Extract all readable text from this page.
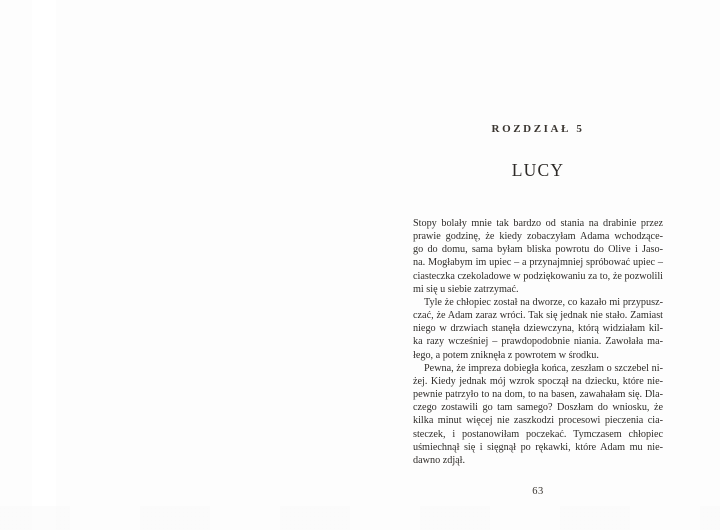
ROZDZIAŁ 5
LUCY
Stopy bolały mnie tak bardzo od stania na drabinie przez
prawie godzinę, że kiedy zobaczyłam Adama wchodzące-
go do domu, sama byłam bliska powrotu do Olive i Jaso-
na. Mogłabym im upiec – a przynajmniej spróbować upiec –
ciasteczka czekoladowe w podziękowaniu za to, że pozwolili
mi się u siebie zatrzymać.
Tyle że chłopiec został na dworze, co kazało mi przypusz-
czać, że Adam zaraz wróci. Tak się jednak nie stało. Zamiast
niego w drzwiach stanęła dziewczyna, którą widziałam kil-
ka razy wcześniej – prawdopodobnie niania. Zawołała ma-
łego, a potem zniknęła z powrotem w środku.
Pewna, że impreza dobiegła końca, zeszłam o szczebel ni-
żej. Kiedy jednak mój wzrok spoczął na dziecku, które nie-
pewnie patrzyło to na dom, to na basen, zawahałam się. Dla-
czego zostawili go tam samego? Doszłam do wniosku, że
kilka minut więcej nie zaszkodzi procesowi pieczenia cia-
steczek, i postanowiłam poczekać. Tymczasem chłopiec
uśmiechnął się i sięgnął po rękawki, które Adam mu nie-
dawno zdjął.
63
